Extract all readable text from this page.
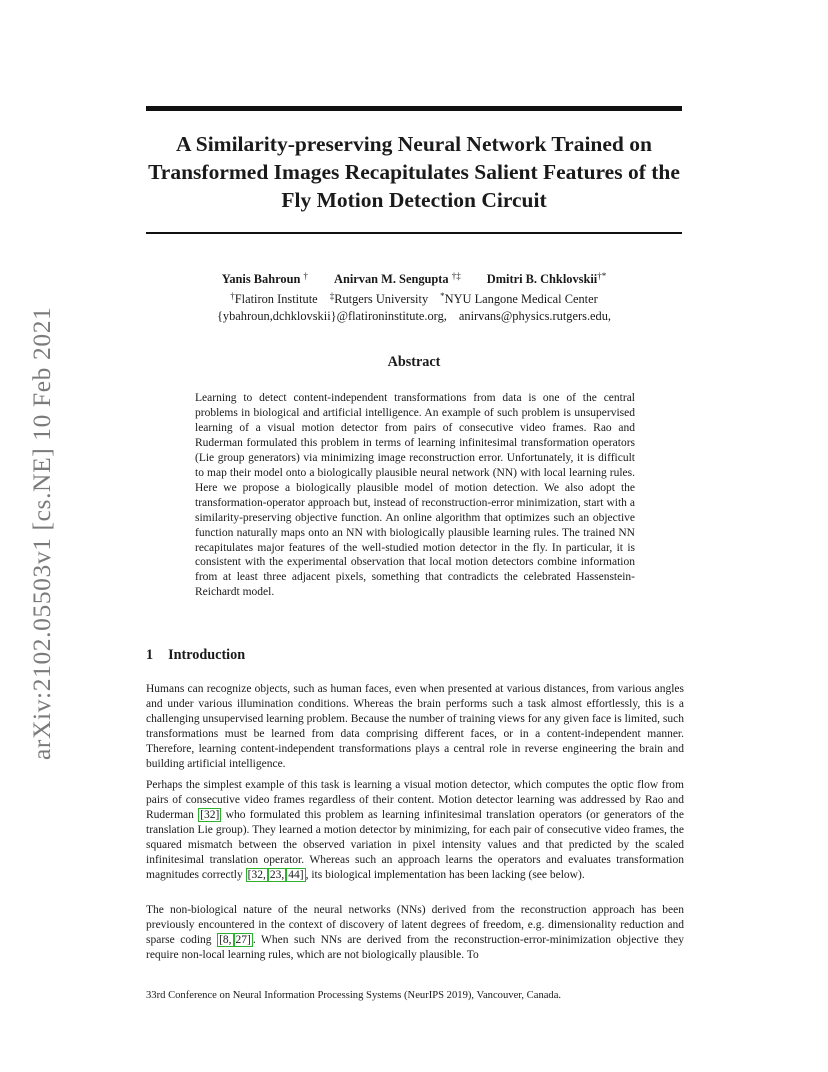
arXiv:2102.05503v1 [cs.NE] 10 Feb 2021
A Similarity-preserving Neural Network Trained on Transformed Images Recapitulates Salient Features of the Fly Motion Detection Circuit
Yanis Bahroun † Anirvan M. Sengupta †‡ Dmitri B. Chklovskii†*
†Flatiron Institute ‡Rutgers University *NYU Langone Medical Center
{ybahroun,dchklovskii}@flatironinstitute.org, anirvans@physics.rutgers.edu,
Abstract

Learning to detect content-independent transformations from data is one of the central problems in biological and artificial intelligence. An example of such problem is unsupervised learning of a visual motion detector from pairs of consecutive video frames. Rao and Ruderman formulated this problem in terms of learning infinitesimal transformation operators (Lie group generators) via minimizing image reconstruction error. Unfortunately, it is difficult to map their model onto a biologically plausible neural network (NN) with local learning rules. Here we propose a biologically plausible model of motion detection. We also adopt the transformation-operator approach but, instead of reconstruction-error minimization, start with a similarity-preserving objective function. An online algorithm that optimizes such an objective function naturally maps onto an NN with biologically plausible learning rules. The trained NN recapitulates major features of the well-studied motion detector in the fly. In particular, it is consistent with the experimental observation that local motion detectors combine information from at least three adjacent pixels, something that contradicts the celebrated Hassenstein-Reichardt model.

1 Introduction

Humans can recognize objects, such as human faces, even when presented at various distances, from various angles and under various illumination conditions. Whereas the brain performs such a task almost effortlessly, this is a challenging unsupervised learning problem. Because the number of training views for any given face is limited, such transformations must be learned from data comprising different faces, or in a content-independent manner. Therefore, learning content-independent transformations plays a central role in reverse engineering the brain and building artificial intelligence.

Perhaps the simplest example of this task is learning a visual motion detector, which computes the optic flow from pairs of consecutive video frames regardless of their content. Motion detector learning was addressed by Rao and Ruderman [32] who formulated this problem as learning infinitesimal translation operators (or generators of the translation Lie group). They learned a motion detector by minimizing, for each pair of consecutive video frames, the squared mismatch between the observed variation in pixel intensity values and that predicted by the scaled infinitesimal translation operator. Whereas such an approach learns the operators and evaluates transformation magnitudes correctly [32, 23, 44] , its biological implementation has been lacking (see below).

The non-biological nature of the neural networks (NNs) derived from the reconstruction approach has been previously encountered in the context of discovery of latent degrees of freedom, e.g. dimensionality reduction and sparse coding [8, 27] . When such NNs are derived from the reconstruction-error-minimization objective they require non-local learning rules, which are not biologically plausible. To

33rd Conference on Neural Information Processing Systems (NeurIPS 2019), Vancouver, Canada.
